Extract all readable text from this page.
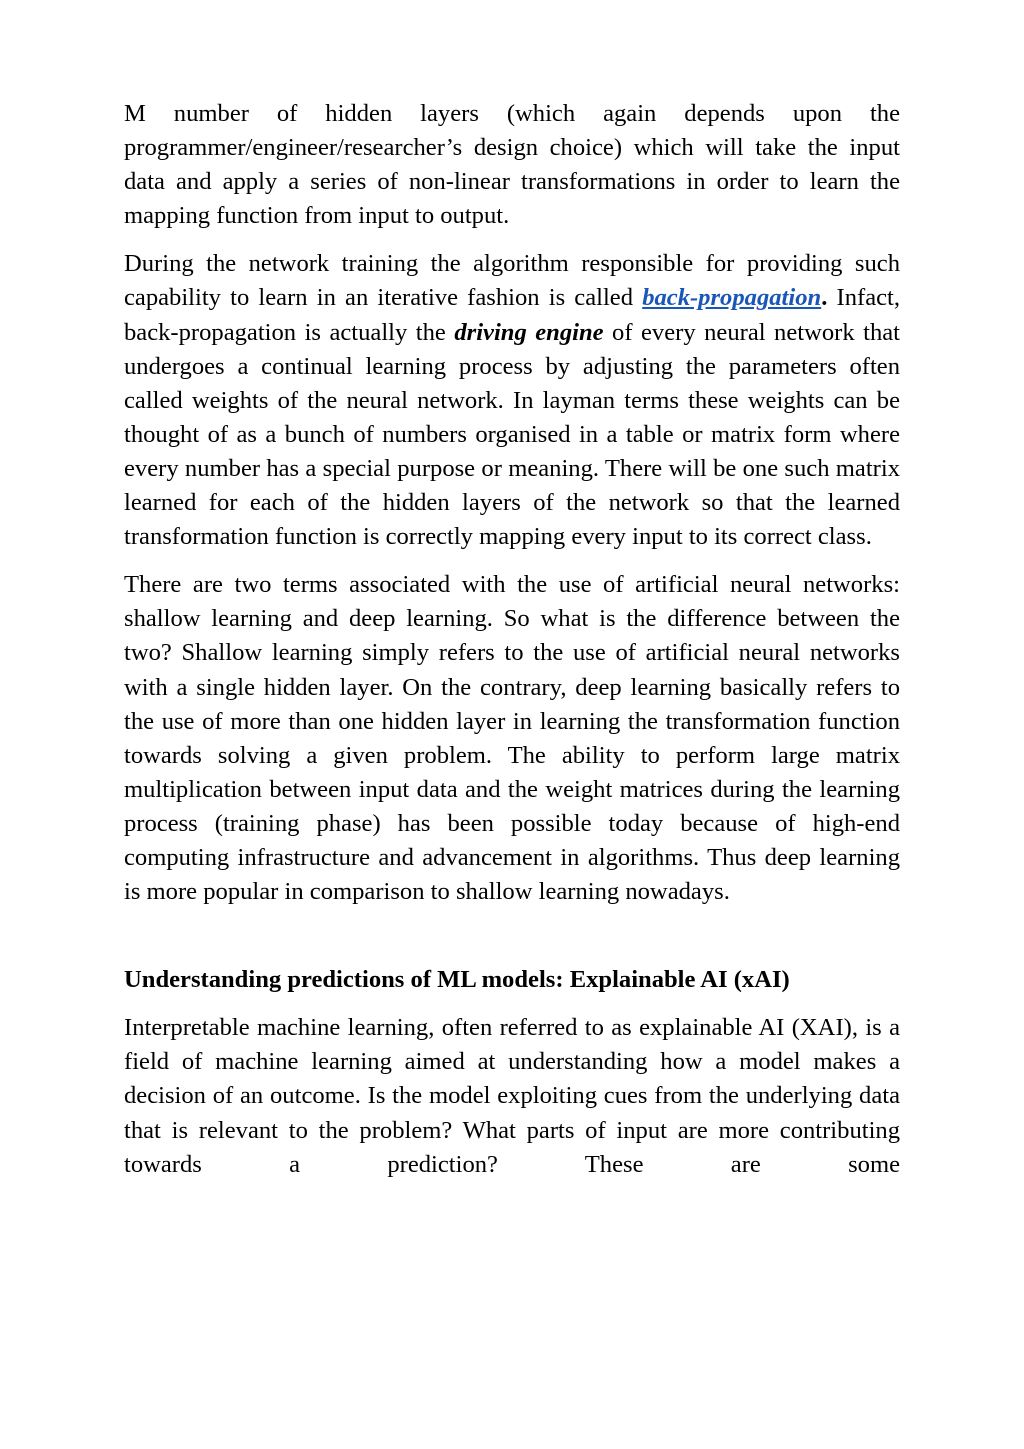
M number of hidden layers (which again depends upon the programmer/engineer/researcher’s design choice) which will take the input data and apply a series of non-linear transformations in order to learn the mapping function from input to output.

During the network training the algorithm responsible for providing such capability to learn in an iterative fashion is called back-propagation. Infact, back-propagation is actually the driving engine of every neural network that undergoes a continual learning process by adjusting the parameters often called weights of the neural network. In layman terms these weights can be thought of as a bunch of numbers organised in a table or matrix form where every number has a special purpose or meaning. There will be one such matrix learned for each of the hidden layers of the network so that the learned transformation function is correctly mapping every input to its correct class.

There are two terms associated with the use of artificial neural networks: shallow learning and deep learning. So what is the difference between the two? Shallow learning simply refers to the use of artificial neural networks with a single hidden layer. On the contrary, deep learning basically refers to the use of more than one hidden layer in learning the transformation function towards solving a given problem. The ability to perform large matrix multiplication between input data and the weight matrices during the learning process (training phase) has been possible today because of high-end computing infrastructure and advancement in algorithms. Thus deep learning is more popular in comparison to shallow learning nowadays.

Understanding predictions of ML models: Explainable AI (xAI)

Interpretable machine learning, often referred to as explainable AI (XAI), is a field of machine learning aimed at understanding how a model makes a decision of an outcome. Is the model exploiting cues from the underlying data that is relevant to the problem? What parts of input are more contributing towards a prediction? These are some
